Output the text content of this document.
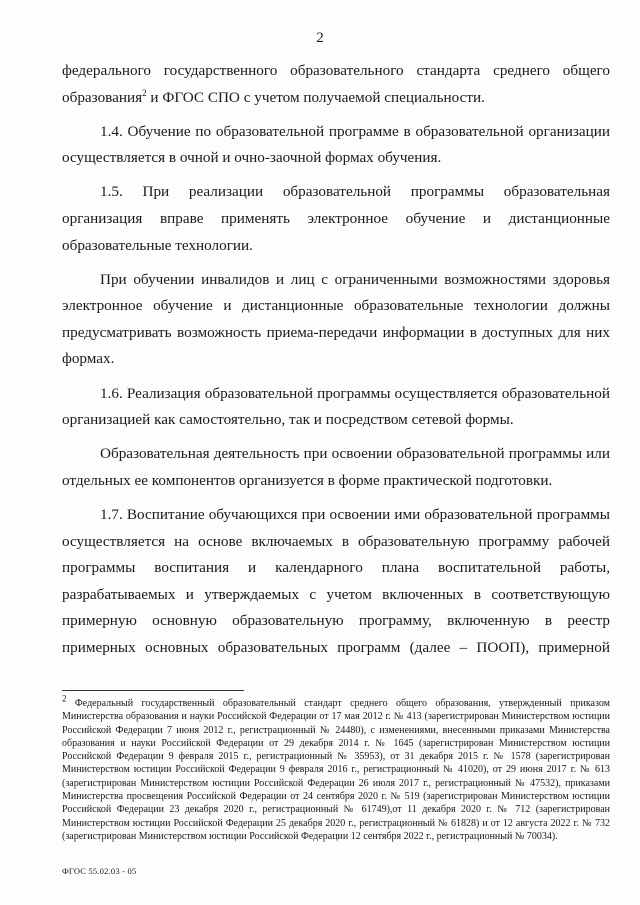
2

федерального государственного образовательного стандарта среднего общего образования$^2$ и ФГОС СПО с учетом получаемой специальности.

1.4. Обучение по образовательной программе в образовательной организации осуществляется в очной и очно-заочной формах обучения.

1.5. При реализации образовательной программы образовательная организация вправе применять электронное обучение и дистанционные образовательные технологии.

При обучении инвалидов и лиц с ограниченными возможностями здоровья электронное обучение и дистанционные образовательные технологии должны предусматривать возможность приема-передачи информации в доступных для них формах.

1.6. Реализация образовательной программы осуществляется образовательной организацией как самостоятельно, так и посредством сетевой формы.

Образовательная деятельность при освоении образовательной программы или отдельных ее компонентов организуется в форме практической подготовки.

1.7. Воспитание обучающихся при освоении ими образовательной программы осуществляется на основе включаемых в образовательную программу рабочей программы воспитания и календарного плана воспитательной работы, разрабатываемых и утверждаемых с учетом включенных в соответствующую примерную основную образовательную программу, включенную в реестр примерных основных образовательных программ (далее – ПООП), примерной

$^2$ Федеральный государственный образовательный стандарт среднего общего образования, утвержденный приказом Министерства образования и науки Российской Федерации от 17 мая 2012 г. № 413 (зарегистрирован Министерством юстиции Российской Федерации 7 июня 2012 г., регистрационный № 24480), с изменениями, внесенными приказами Министерства образования и науки Российской Федерации от 29 декабря 2014 г. № 1645 (зарегистрирован Министерством юстиции Российской Федерации 9 февраля 2015 г., регистрационный № 35953), от 31 декабря 2015 г. № 1578 (зарегистрирован Министерством юстиции Российской Федерации 9 февраля 2016 г., регистрационный № 41020), от 29 июня 2017 г. № 613 (зарегистрирован Министерством юстиции Российской Федерации 26 июля 2017 г., регистрационный № 47532), приказами Министерства просвещения Российской Федерации от 24 сентября 2020 г. № 519 (зарегистрирован Министерством юстиции Российской Федерации 23 декабря 2020 г., регистрационный № 61749),от 11 декабря 2020 г. № 712 (зарегистрирован Министерством юстиции Российской Федерации 25 декабря 2020 г., регистрационный № 61828) и от 12 августа 2022 г. № 732 (зарегистрирован Министерством юстиции Российской Федерации 12 сентября 2022 г., регистрационный № 70034).
ФГОС 55.02.03 - 05
